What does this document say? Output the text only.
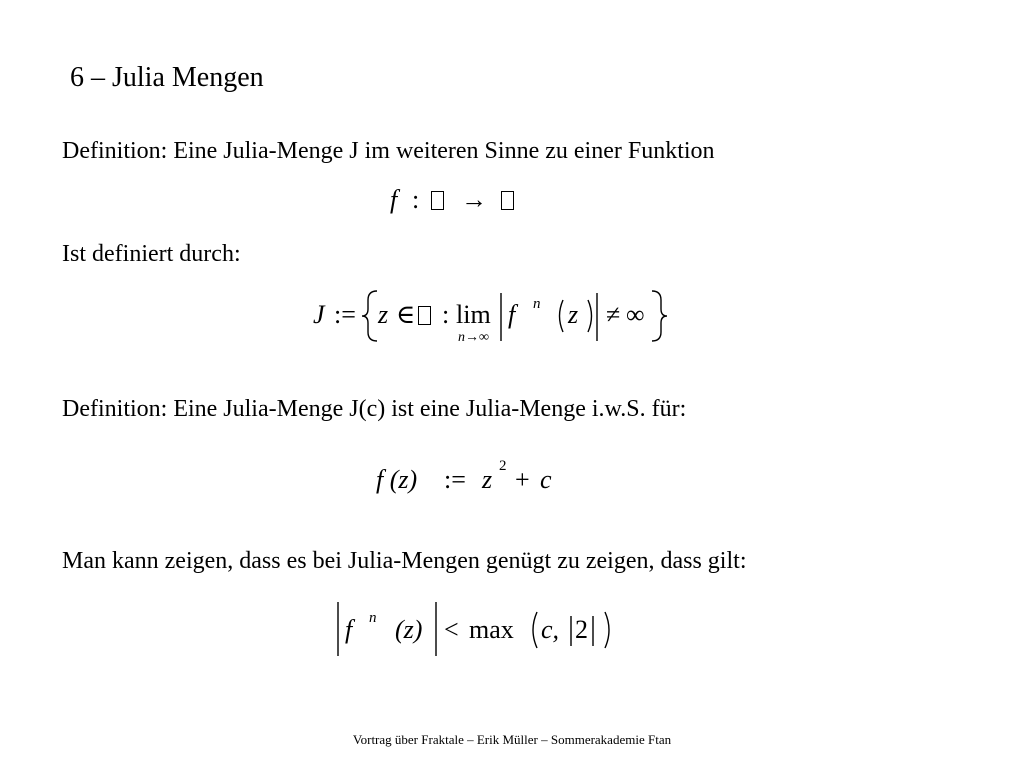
6 – Julia Mengen
Definition: Eine Julia-Menge J im weiteren Sinne zu einer Funktion
f : →
Ist definiert durch:
J := z ∈ : lim
n→∞
f n z ≠ ∞
Definition: Eine Julia-Menge J(c) ist eine Julia-Menge i.w.S. für:
f (z) := z 2 + c
Man kann zeigen, dass es bei Julia-Mengen genügt zu zeigen, dass gilt:
f n (z) < max c, 2
Vortrag über Fraktale – Erik Müller – Sommerakademie Ftan
